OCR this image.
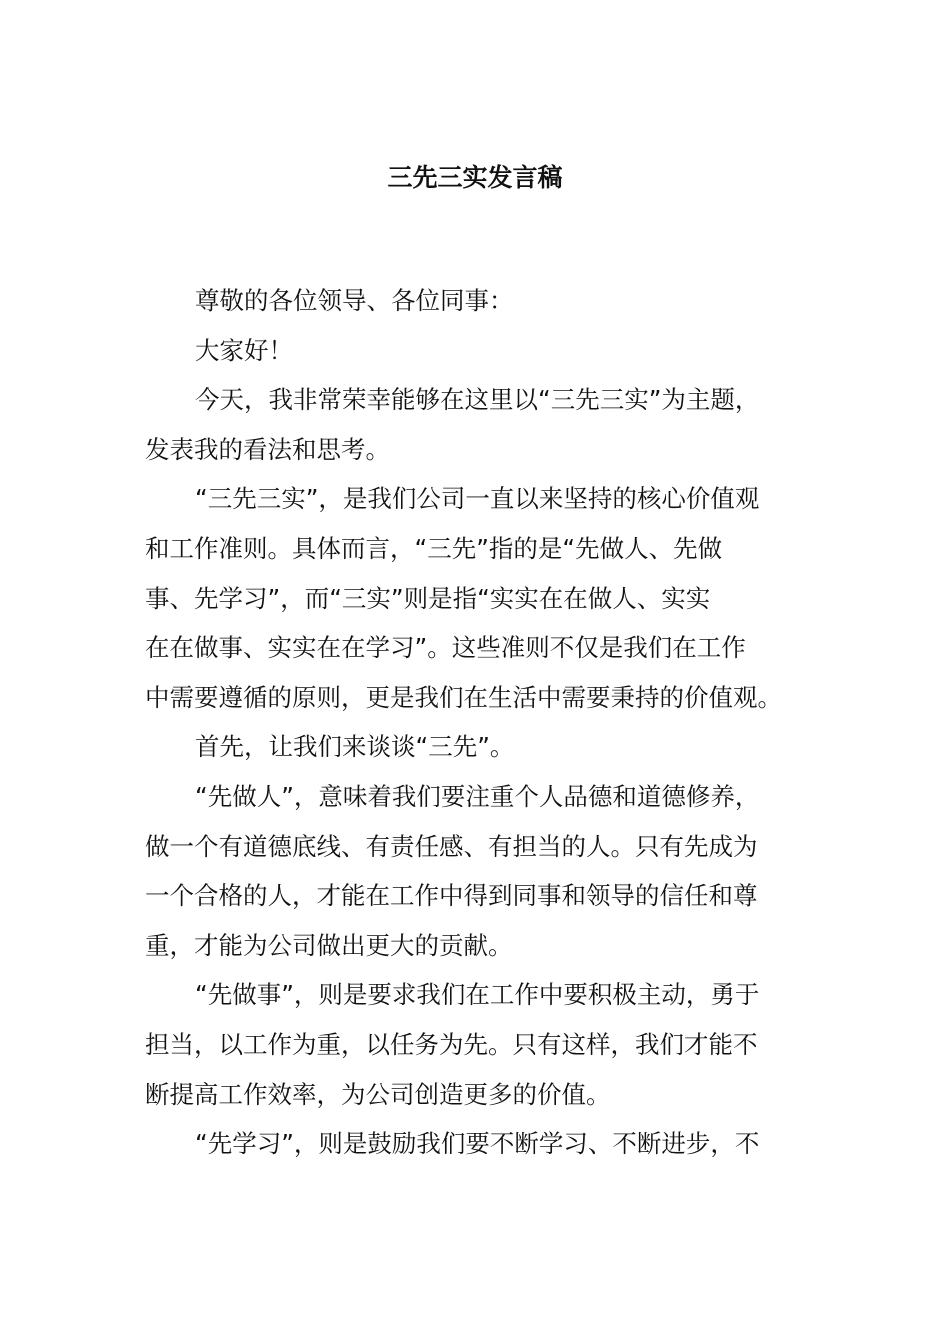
三先三实发言稿
尊敬的各位领导、各位同事：
大家好！
今天，我非常荣幸能够在这里以“三先三实”为主题，
发表我的看法和思考。
“三先三实”，是我们公司一直以来坚持的核心价值观
和工作准则。具体而言，“三先”指的是“先做人、先做
事、先学习”，而“三实”则是指“实实在在做人、实实
在在做事、实实在在学习”。这些准则不仅是我们在工作
中需要遵循的原则，更是我们在生活中需要秉持的价值观。
首先，让我们来谈谈“三先”。
“先做人”，意味着我们要注重个人品德和道德修养，
做一个有道德底线、有责任感、有担当的人。只有先成为
一个合格的人，才能在工作中得到同事和领导的信任和尊
重，才能为公司做出更大的贡献。
“先做事”，则是要求我们在工作中要积极主动，勇于
担当，以工作为重，以任务为先。只有这样，我们才能不
断提高工作效率，为公司创造更多的价值。
“先学习”，则是鼓励我们要不断学习、不断进步，不
